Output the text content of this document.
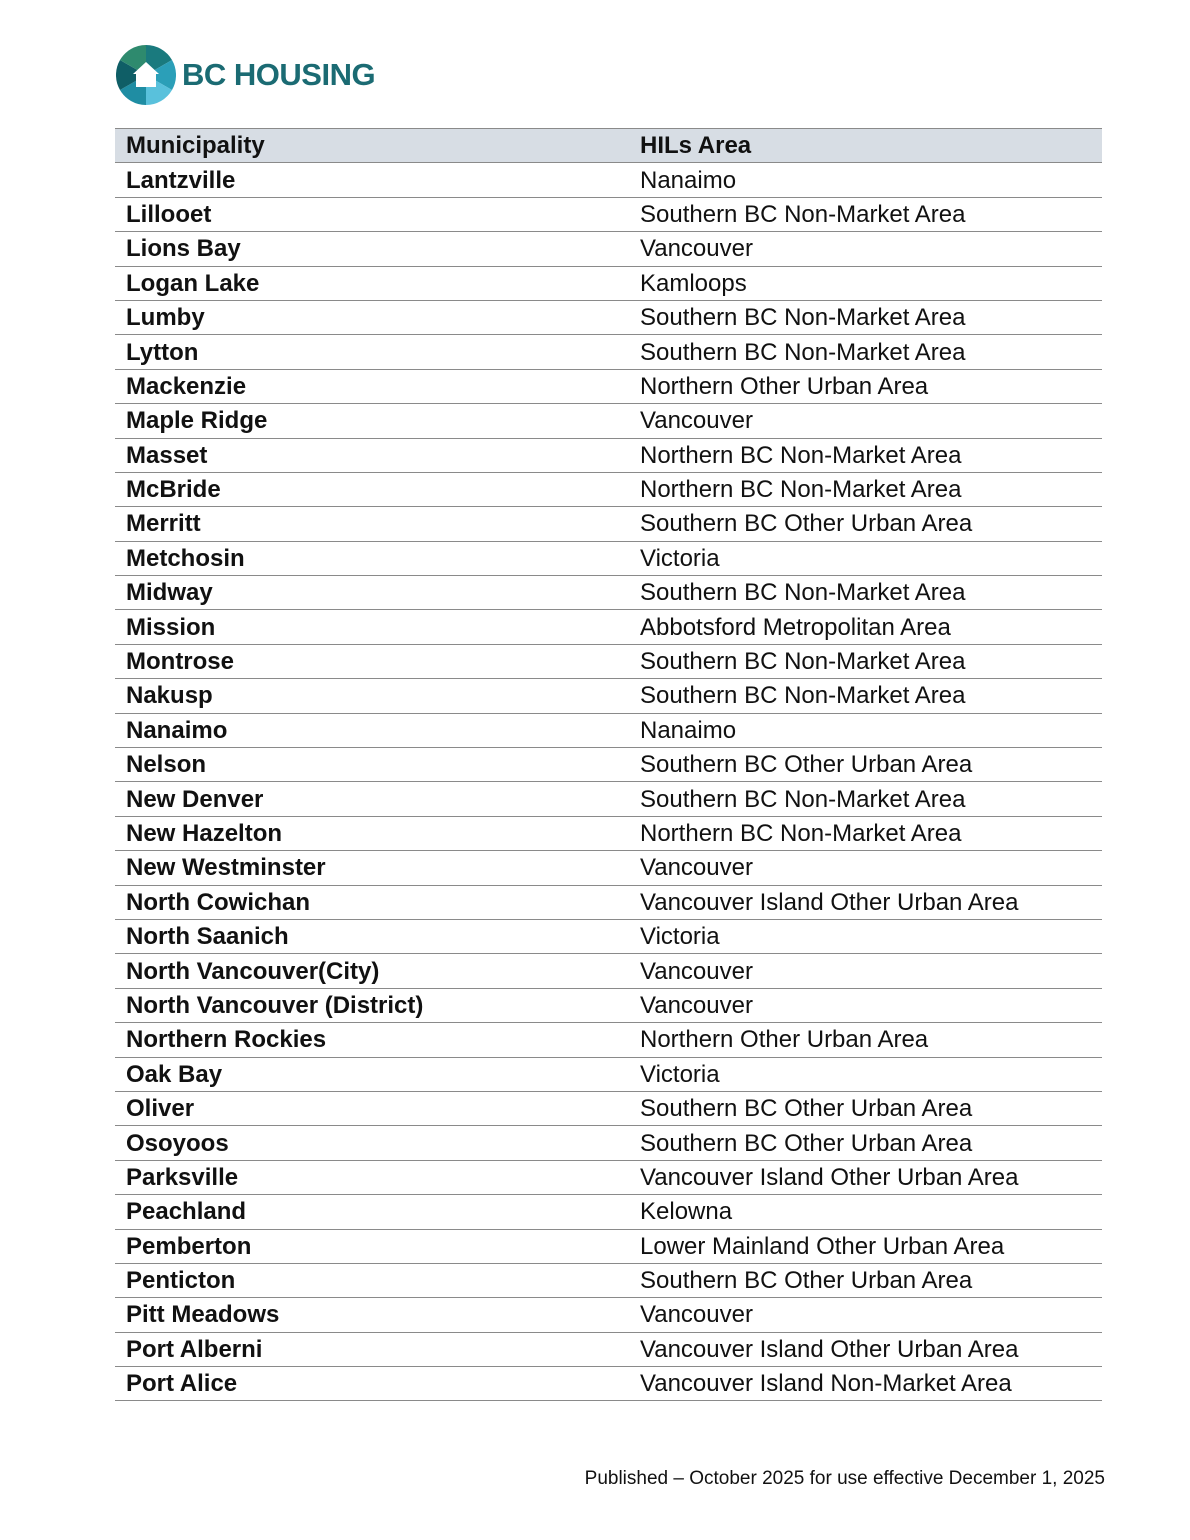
BC HOUSING
Municipality	HILs Area
Lantzville	Nanaimo
Lillooet	Southern BC Non-Market Area
Lions Bay	Vancouver
Logan Lake	Kamloops
Lumby	Southern BC Non-Market Area
Lytton	Southern BC Non-Market Area
Mackenzie	Northern Other Urban Area
Maple Ridge	Vancouver
Masset	Northern BC Non-Market Area
McBride	Northern BC Non-Market Area
Merritt	Southern BC Other Urban Area
Metchosin	Victoria
Midway	Southern BC Non-Market Area
Mission	Abbotsford Metropolitan Area
Montrose	Southern BC Non-Market Area
Nakusp	Southern BC Non-Market Area
Nanaimo	Nanaimo
Nelson	Southern BC Other Urban Area
New Denver	Southern BC Non-Market Area
New Hazelton	Northern BC Non-Market Area
New Westminster	Vancouver
North Cowichan	Vancouver Island Other Urban Area
North Saanich	Victoria
North Vancouver(City)	Vancouver
North Vancouver (District)	Vancouver
Northern Rockies	Northern Other Urban Area
Oak Bay	Victoria
Oliver	Southern BC Other Urban Area
Osoyoos	Southern BC Other Urban Area
Parksville	Vancouver Island Other Urban Area
Peachland	Kelowna
Pemberton	Lower Mainland Other Urban Area
Penticton	Southern BC Other Urban Area
Pitt Meadows	Vancouver
Port Alberni	Vancouver Island Other Urban Area
Port Alice	Vancouver Island Non-Market Area
Published – October 2025 for use effective December 1, 2025
